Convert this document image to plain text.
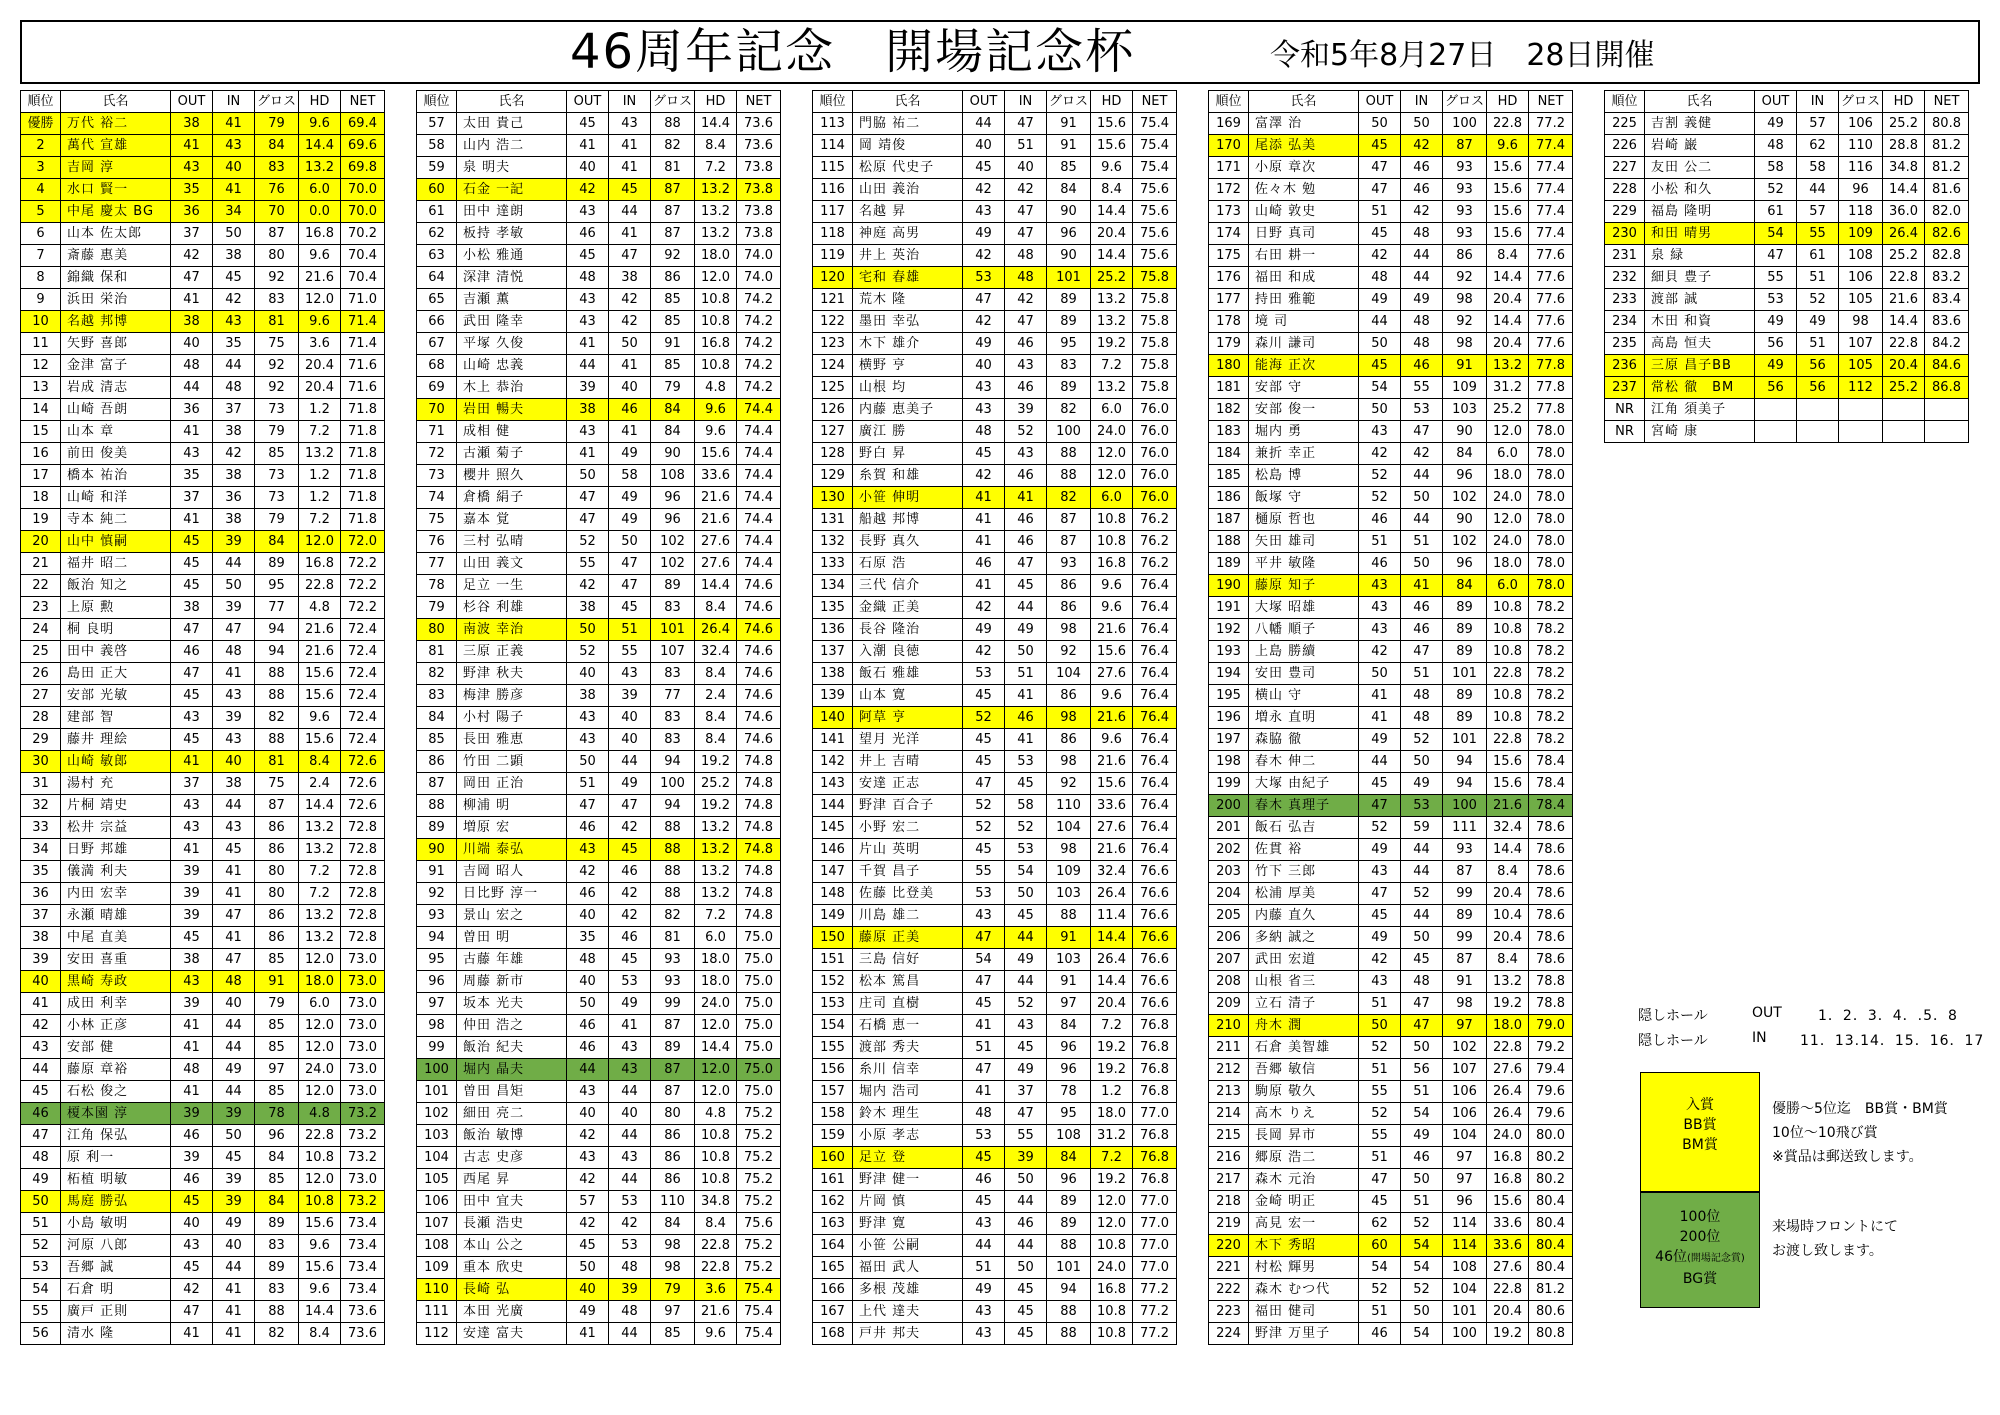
46周年記念　開場記念杯	令和5年8月27日　28日開催
順位	氏名	OUT	IN	グロス	HD	NET
優勝	万代 裕二	38	41	79	9.6	69.4
2	萬代 宣雄	41	43	84	14.4	69.6
3	吉岡 淳	43	40	83	13.2	69.8
4	水口 賢一	35	41	76	6.0	70.0
5	中尾 慶太 BG	36	34	70	0.0	70.0
6	山本 佐太郎	37	50	87	16.8	70.2
7	斎藤 惠美	42	38	80	9.6	70.4
8	錦織 保和	47	45	92	21.6	70.4
9	浜田 栄治	41	42	83	12.0	71.0
10	名越 邦博	38	43	81	9.6	71.4
11	矢野 喜郎	40	35	75	3.6	71.4
12	金津 富子	48	44	92	20.4	71.6
13	岩成 清志	44	48	92	20.4	71.6
14	山崎 吾朗	36	37	73	1.2	71.8
15	山本 章	41	38	79	7.2	71.8
16	前田 俊美	43	42	85	13.2	71.8
17	橋本 祐治	35	38	73	1.2	71.8
18	山崎 和洋	37	36	73	1.2	71.8
19	寺本 純二	41	38	79	7.2	71.8
20	山中 慎嗣	45	39	84	12.0	72.0
21	福井 昭二	45	44	89	16.8	72.2
22	飯治 知之	45	50	95	22.8	72.2
23	上原 勲	38	39	77	4.8	72.2
24	桐 良明	47	47	94	21.6	72.4
25	田中 義啓	46	48	94	21.6	72.4
26	島田 正大	47	41	88	15.6	72.4
27	安部 光敏	45	43	88	15.6	72.4
28	建部 智	43	39	82	9.6	72.4
29	藤井 理絵	45	43	88	15.6	72.4
30	山崎 敏郎	41	40	81	8.4	72.6
31	湯村 充	37	38	75	2.4	72.6
32	片桐 靖史	43	44	87	14.4	72.6
33	松井 宗益	43	43	86	13.2	72.8
34	日野 邦雄	41	45	86	13.2	72.8
35	儀満 利夫	39	41	80	7.2	72.8
36	内田 宏幸	39	41	80	7.2	72.8
37	永瀬 晴雄	39	47	86	13.2	72.8
38	中尾 直美	45	41	86	13.2	72.8
39	安田 喜重	38	47	85	12.0	73.0
40	黒崎 寿政	43	48	91	18.0	73.0
41	成田 利幸	39	40	79	6.0	73.0
42	小林 正彦	41	44	85	12.0	73.0
43	安部 健	41	44	85	12.0	73.0
44	藤原 章裕	48	49	97	24.0	73.0
45	石松 俊之	41	44	85	12.0	73.0
46	榎本園 淳	39	39	78	4.8	73.2
47	江角 保弘	46	50	96	22.8	73.2
48	原 利一	39	45	84	10.8	73.2
49	柘植 明敏	46	39	85	12.0	73.0
50	馬庭 勝弘	45	39	84	10.8	73.2
51	小島 敏明	40	49	89	15.6	73.4
52	河原 八郎	43	40	83	9.6	73.4
53	吾郷 誠	45	44	89	15.6	73.4
54	石倉 明	42	41	83	9.6	73.4
55	廣戸 正則	47	41	88	14.4	73.6
56	清水 隆	41	41	82	8.4	73.6
順位	氏名	OUT	IN	グロス	HD	NET
57	太田 貴己	45	43	88	14.4	73.6
58	山内 浩二	41	41	82	8.4	73.6
59	泉 明夫	40	41	81	7.2	73.8
60	石金 一記	42	45	87	13.2	73.8
61	田中 達朗	43	44	87	13.2	73.8
62	板持 孝敏	46	41	87	13.2	73.8
63	小松 雅通	45	47	92	18.0	74.0
64	深津 清悦	48	38	86	12.0	74.0
65	吉瀬 薫	43	42	85	10.8	74.2
66	武田 隆幸	43	42	85	10.8	74.2
67	平塚 久俊	41	50	91	16.8	74.2
68	山崎 忠義	44	41	85	10.8	74.2
69	木上 恭治	39	40	79	4.8	74.2
70	岩田 暢夫	38	46	84	9.6	74.4
71	成相 健	43	41	84	9.6	74.4
72	古瀬 菊子	41	49	90	15.6	74.4
73	櫻井 照久	50	58	108	33.6	74.4
74	倉橋 絹子	47	49	96	21.6	74.4
75	嘉本 覚	47	49	96	21.6	74.4
76	三村 弘晴	52	50	102	27.6	74.4
77	山田 義文	55	47	102	27.6	74.4
78	足立 一生	42	47	89	14.4	74.6
79	杉谷 利雄	38	45	83	8.4	74.6
80	南波 幸治	50	51	101	26.4	74.6
81	三原 正義	52	55	107	32.4	74.6
82	野津 秋夫	40	43	83	8.4	74.6
83	梅津 勝彦	38	39	77	2.4	74.6
84	小村 陽子	43	40	83	8.4	74.6
85	長田 雅恵	43	40	83	8.4	74.6
86	竹田 二顕	50	44	94	19.2	74.8
87	岡田 正治	51	49	100	25.2	74.8
88	柳浦 明	47	47	94	19.2	74.8
89	増原 宏	46	42	88	13.2	74.8
90	川端 泰弘	43	45	88	13.2	74.8
91	吉岡 昭人	42	46	88	13.2	74.8
92	日比野 淳一	46	42	88	13.2	74.8
93	景山 宏之	40	42	82	7.2	74.8
94	曽田 明	35	46	81	6.0	75.0
95	古藤 年雄	48	45	93	18.0	75.0
96	周藤 新市	40	53	93	18.0	75.0
97	坂本 光夫	50	49	99	24.0	75.0
98	仲田 浩之	46	41	87	12.0	75.0
99	飯治 紀夫	46	43	89	14.4	75.0
100	堀内 晶夫	44	43	87	12.0	75.0
101	曽田 昌矩	43	44	87	12.0	75.0
102	細田 亮二	40	40	80	4.8	75.2
103	飯治 敏博	42	44	86	10.8	75.2
104	古志 史彦	43	43	86	10.8	75.2
105	西尾 昇	42	44	86	10.8	75.2
106	田中 宜夫	57	53	110	34.8	75.2
107	長瀬 浩史	42	42	84	8.4	75.6
108	本山 公之	45	53	98	22.8	75.2
109	重本 欣史	50	48	98	22.8	75.2
110	長崎 弘	40	39	79	3.6	75.4
111	本田 光廣	49	48	97	21.6	75.4
112	安達 富夫	41	44	85	9.6	75.4
順位	氏名	OUT	IN	グロス	HD	NET
113	門脇 祐二	44	47	91	15.6	75.4
114	岡 靖俊	40	51	91	15.6	75.4
115	松原 代史子	45	40	85	9.6	75.4
116	山田 義治	42	42	84	8.4	75.6
117	名越 昇	43	47	90	14.4	75.6
118	神庭 高男	49	47	96	20.4	75.6
119	井上 英治	42	48	90	14.4	75.6
120	宅和 春雄	53	48	101	25.2	75.8
121	荒木 隆	47	42	89	13.2	75.8
122	墨田 幸弘	42	47	89	13.2	75.8
123	木下 雄介	49	46	95	19.2	75.8
124	横野 亨	40	43	83	7.2	75.8
125	山根 均	43	46	89	13.2	75.8
126	内藤 恵美子	43	39	82	6.0	76.0
127	廣江 勝	48	52	100	24.0	76.0
128	野白 昇	45	43	88	12.0	76.0
129	糸賀 和雄	42	46	88	12.0	76.0
130	小笹 伸明	41	41	82	6.0	76.0
131	船越 邦博	41	46	87	10.8	76.2
132	長野 真久	41	46	87	10.8	76.2
133	石原 浩	46	47	93	16.8	76.2
134	三代 信介	41	45	86	9.6	76.4
135	金織 正美	42	44	86	9.6	76.4
136	長谷 隆治	49	49	98	21.6	76.4
137	入潮 良徳	42	50	92	15.6	76.4
138	飯石 雅雄	53	51	104	27.6	76.4
139	山本 寛	45	41	86	9.6	76.4
140	阿草 亨	52	46	98	21.6	76.4
141	望月 光洋	45	41	86	9.6	76.4
142	井上 吉晴	45	53	98	21.6	76.4
143	安達 正志	47	45	92	15.6	76.4
144	野津 百合子	52	58	110	33.6	76.4
145	小野 宏二	52	52	104	27.6	76.4
146	片山 英明	45	53	98	21.6	76.4
147	千賀 昌子	55	54	109	32.4	76.6
148	佐藤 比登美	53	50	103	26.4	76.6
149	川島 雄二	43	45	88	11.4	76.6
150	藤原 正美	47	44	91	14.4	76.6
151	三島 信好	54	49	103	26.4	76.6
152	松本 篤昌	47	44	91	14.4	76.6
153	庄司 直樹	45	52	97	20.4	76.6
154	石橋 恵一	41	43	84	7.2	76.8
155	渡部 秀夫	51	45	96	19.2	76.8
156	糸川 信幸	47	49	96	19.2	76.8
157	堀内 浩司	41	37	78	1.2	76.8
158	鈴木 理生	48	47	95	18.0	77.0
159	小原 孝志	53	55	108	31.2	76.8
160	足立 登	45	39	84	7.2	76.8
161	野津 健一	46	50	96	19.2	76.8
162	片岡 慎	45	44	89	12.0	77.0
163	野津 寛	43	46	89	12.0	77.0
164	小笹 公嗣	44	44	88	10.8	77.0
165	福田 武人	51	50	101	24.0	77.0
166	多根 茂雄	49	45	94	16.8	77.2
167	上代 達夫	43	45	88	10.8	77.2
168	戸井 邦夫	43	45	88	10.8	77.2
順位	氏名	OUT	IN	グロス	HD	NET
169	富澤 治	50	50	100	22.8	77.2
170	尾添 弘美	45	42	87	9.6	77.4
171	小原 章次	47	46	93	15.6	77.4
172	佐々木 勉	47	46	93	15.6	77.4
173	山崎 敦史	51	42	93	15.6	77.4
174	日野 真司	45	48	93	15.6	77.4
175	右田 耕一	42	44	86	8.4	77.6
176	福田 和成	48	44	92	14.4	77.6
177	持田 雅範	49	49	98	20.4	77.6
178	境 司	44	48	92	14.4	77.6
179	森川 謙司	50	48	98	20.4	77.6
180	能海 正次	45	46	91	13.2	77.8
181	安部 守	54	55	109	31.2	77.8
182	安部 俊一	50	53	103	25.2	77.8
183	堀内 勇	43	47	90	12.0	78.0
184	兼折 幸正	42	42	84	6.0	78.0
185	松島 博	52	44	96	18.0	78.0
186	飯塚 守	52	50	102	24.0	78.0
187	樋原 哲也	46	44	90	12.0	78.0
188	矢田 雄司	51	51	102	24.0	78.0
189	平井 敏隆	46	50	96	18.0	78.0
190	藤原 知子	43	41	84	6.0	78.0
191	大塚 昭雄	43	46	89	10.8	78.2
192	八幡 順子	43	46	89	10.8	78.2
193	上島 勝續	42	47	89	10.8	78.2
194	安田 豊司	50	51	101	22.8	78.2
195	横山 守	41	48	89	10.8	78.2
196	増永 直明	41	48	89	10.8	78.2
197	森脇 徹	49	52	101	22.8	78.2
198	春木 伸二	44	50	94	15.6	78.4
199	大塚 由紀子	45	49	94	15.6	78.4
200	春木 真理子	47	53	100	21.6	78.4
201	飯石 弘吉	52	59	111	32.4	78.6
202	佐貫 裕	49	44	93	14.4	78.6
203	竹下 三郎	43	44	87	8.4	78.6
204	松浦 厚美	47	52	99	20.4	78.6
205	内藤 直久	45	44	89	10.4	78.6
206	多納 誠之	49	50	99	20.4	78.6
207	武田 宏道	42	45	87	8.4	78.6
208	山根 省三	43	48	91	13.2	78.8
209	立石 清子	51	47	98	19.2	78.8
210	舟木 潤	50	47	97	18.0	79.0
211	石倉 美智雄	52	50	102	22.8	79.2
212	吾郷 敏信	51	56	107	27.6	79.4
213	駒原 敬久	55	51	106	26.4	79.6
214	高木 りえ	52	54	106	26.4	79.6
215	長岡 昇市	55	49	104	24.0	80.0
216	郷原 浩二	51	46	97	16.8	80.2
217	森木 元治	47	50	97	16.8	80.2
218	金崎 明正	45	51	96	15.6	80.4
219	高見 宏一	62	52	114	33.6	80.4
220	木下 秀昭	60	54	114	33.6	80.4
221	村松 輝男	54	54	108	27.6	80.4
222	森木 むつ代	52	52	104	22.8	81.2
223	福田 健司	51	50	101	20.4	80.6
224	野津 万里子	46	54	100	19.2	80.8
順位	氏名	OUT	IN	グロス	HD	NET
225	吉割 義健	49	57	106	25.2	80.8
226	岩崎 巌	48	62	110	28.8	81.2
227	友田 公二	58	58	116	34.8	81.2
228	小松 和久	52	44	96	14.4	81.6
229	福島 隆明	61	57	118	36.0	82.0
230	和田 晴男	54	55	109	26.4	82.6
231	泉 緑	47	61	108	25.2	82.8
232	細貝 豊子	55	51	106	22.8	83.2
233	渡部 誠	53	52	105	21.6	83.4
234	木田 和資	49	49	98	14.4	83.6
235	高島 恒夫	56	51	107	22.8	84.2
236	三原 昌子BB	49	56	105	20.4	84.6
237	常松 徹　BM	56	56	112	25.2	86.8
NR	江角 須美子					
NR	宮崎 康					
隠しホール	OUT	1．2．3．4．.5．8
隠しホール	IN 11．13.14．15．16．17
入賞
BB賞
BM賞
優勝～5位迄　BB賞・BM賞
10位～10飛び賞
※賞品は郵送致します。
100位
200位
46位(開場記念賞)
BG賞
来場時フロントにて
お渡し致します。
